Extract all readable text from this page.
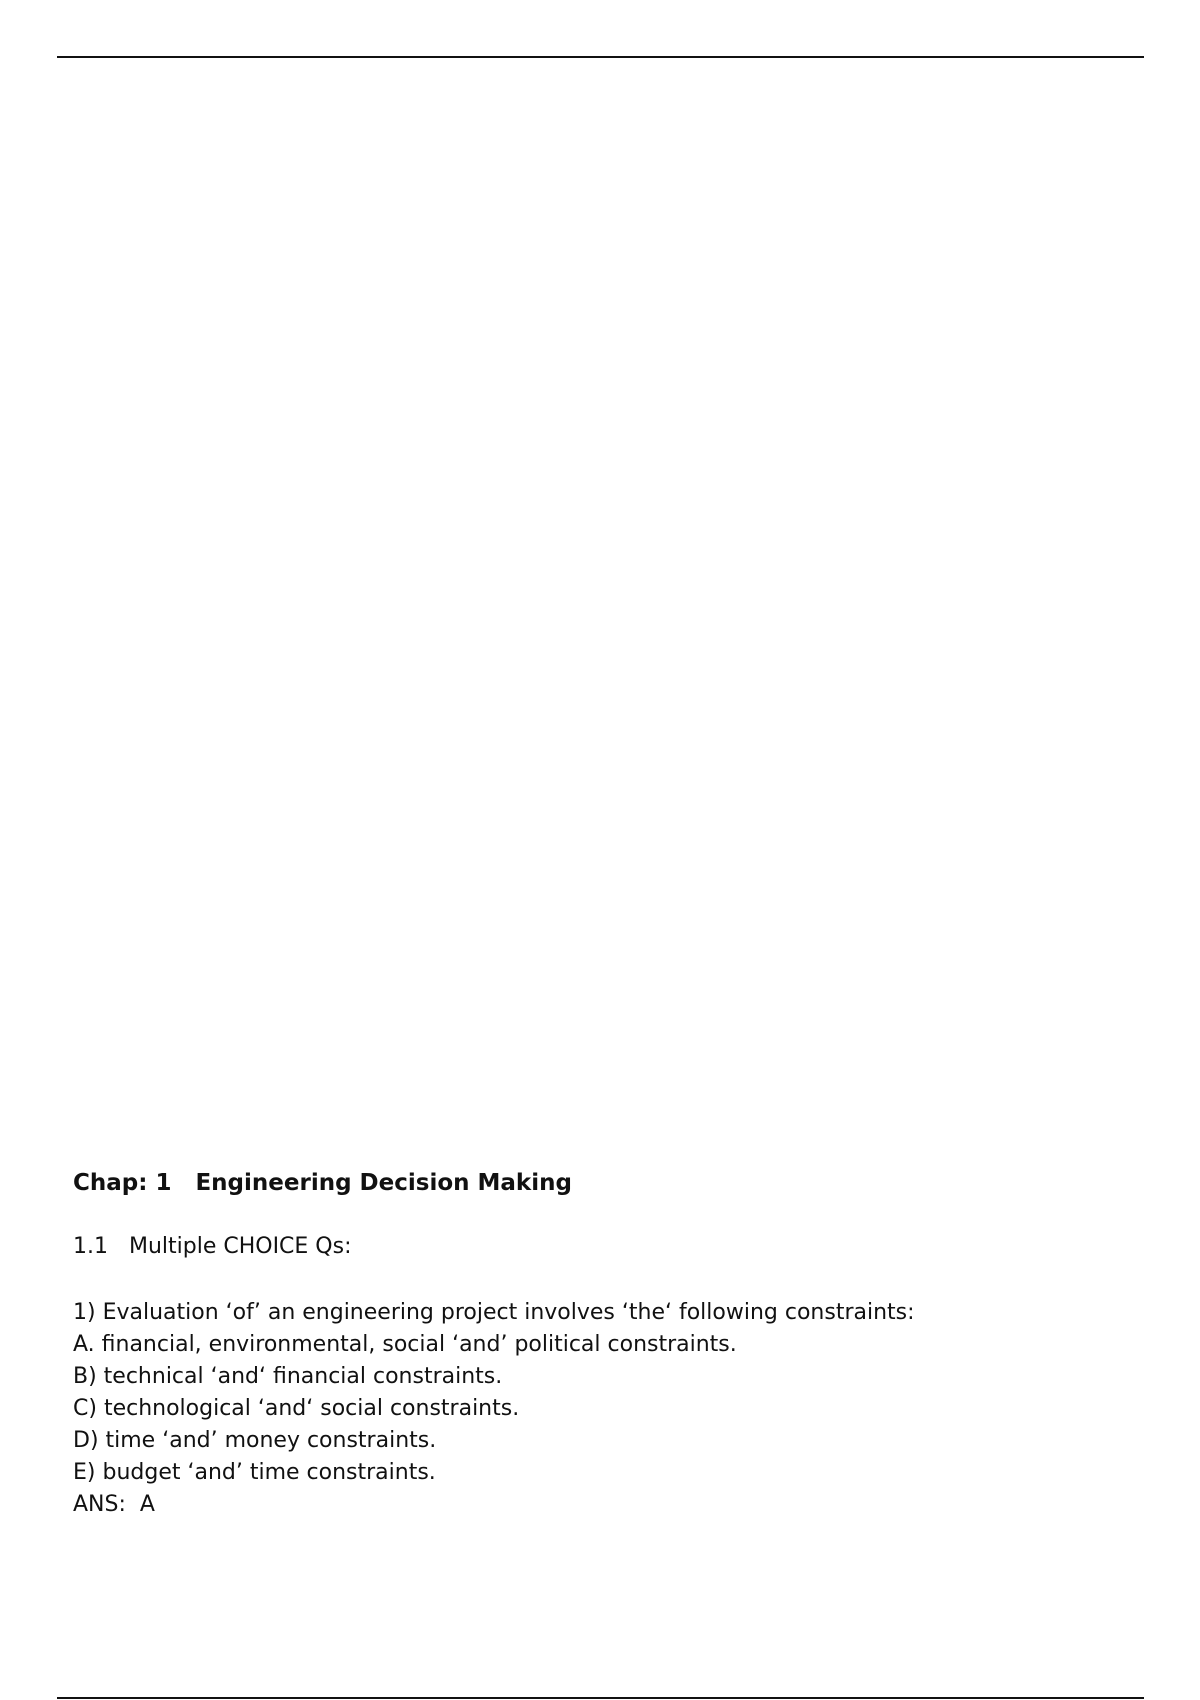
Chap: 1   Engineering Decision Making

1.1   Multiple CHOICE Qs:

1) Evaluation ‘of’ an engineering project involves ‘the‘ following constraints:

A. financial, environmental, social ‘and’ political constraints.

B) technical ‘and‘ financial constraints.

C) technological ‘and‘ social constraints.

D) time ‘and’ money constraints.

E) budget ‘and’ time constraints.

ANS:  A
